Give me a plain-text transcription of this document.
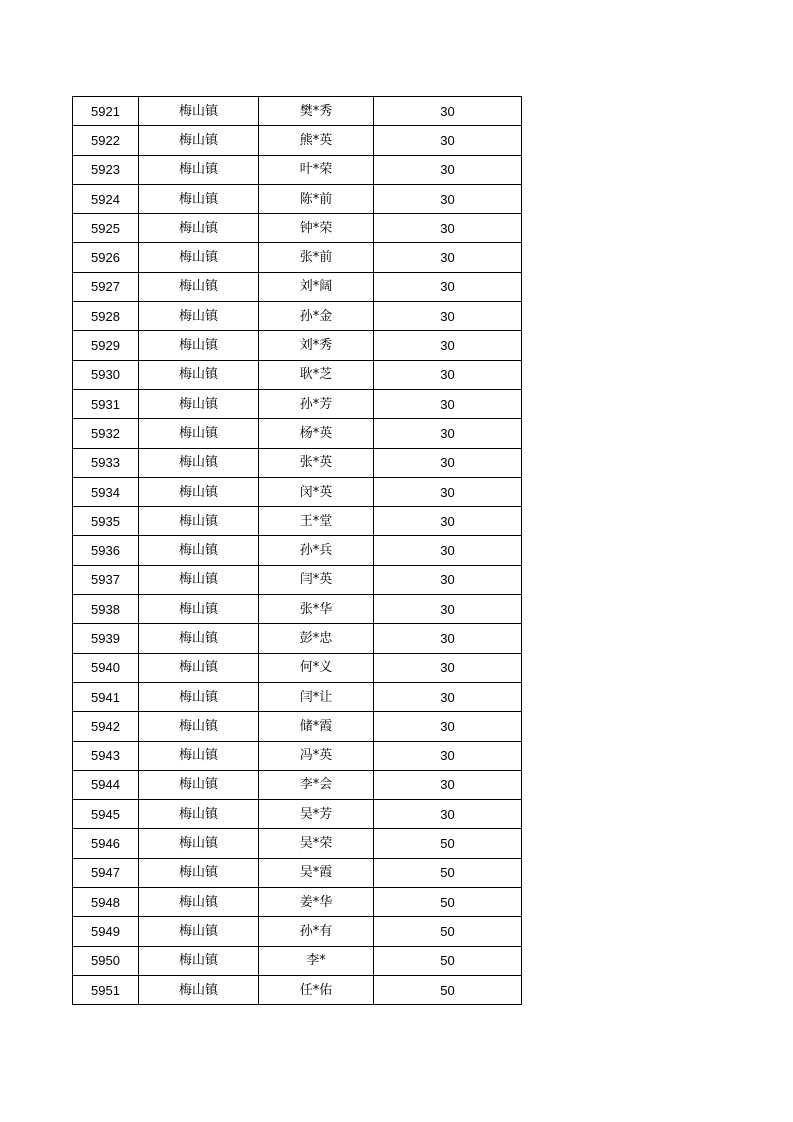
5921	梅山镇	樊*秀	30
5922	梅山镇	熊*英	30
5923	梅山镇	叶*荣	30
5924	梅山镇	陈*前	30
5925	梅山镇	钟*荣	30
5926	梅山镇	张*前	30
5927	梅山镇	刘*阔	30
5928	梅山镇	孙*金	30
5929	梅山镇	刘*秀	30
5930	梅山镇	耿*芝	30
5931	梅山镇	孙*芳	30
5932	梅山镇	杨*英	30
5933	梅山镇	张*英	30
5934	梅山镇	闵*英	30
5935	梅山镇	王*堂	30
5936	梅山镇	孙*兵	30
5937	梅山镇	闫*英	30
5938	梅山镇	张*华	30
5939	梅山镇	彭*忠	30
5940	梅山镇	何*义	30
5941	梅山镇	闫*让	30
5942	梅山镇	储*霞	30
5943	梅山镇	冯*英	30
5944	梅山镇	李*会	30
5945	梅山镇	吴*芳	30
5946	梅山镇	吴*荣	50
5947	梅山镇	吴*霞	50
5948	梅山镇	姜*华	50
5949	梅山镇	孙*有	50
5950	梅山镇	李*	50
5951	梅山镇	任*佑	50
